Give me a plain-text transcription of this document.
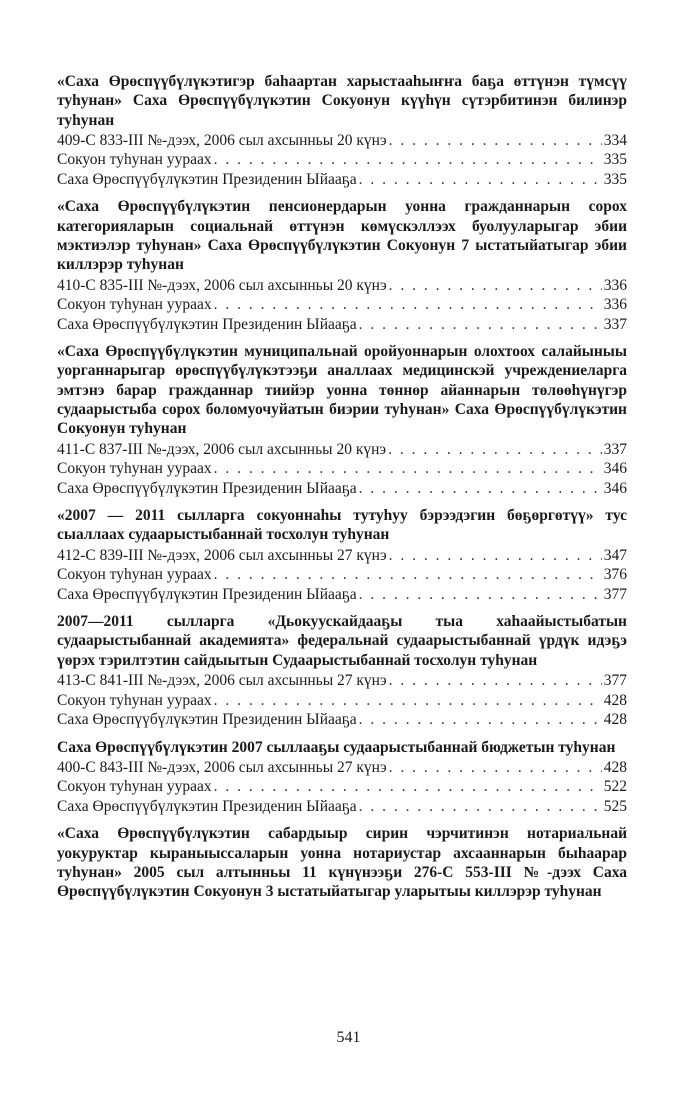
«Саха Өрөспүүбүлүкэтигэр баhаартан харыстааhыҥҥа баҕа өттүнэн түмсүү туhунан» Саха Өрөспүүбүлүкэтин Сокуонун күүhүн сүтэрбитинэн билинэр туhунан
409-С 833-III №-дээх, 2006 сыл ахсынньы 20 күнэ . . .	334
Сокуон туhунан уураах . . .	335
Саха Өрөспүүбүлүкэтин Президенин Ыйааҕа . . .	335
«Саха Өрөспүүбүлүкэтин пенсионердарын уонна гражданнарын сорох категорияларын социальнай өттүнэн көмүскэллээх буолууларыгар эбии мэктиэлэр туhунан» Саха Өрөспүүбүлүкэтин Сокуонун 7 ыстатыйатыгар эбии киллэрэр туhунан
410-С 835-III №-дээх, 2006 сыл ахсынньы 20 күнэ . . .	336
Сокуон туhунан уураах . . .	336
Саха Өрөспүүбүлүкэтин Президенин Ыйааҕа . . .	337
«Саха Өрөспүүбүлүкэтин муниципальнай оройуоннарын олохтоох салайыныы уорганнарыгар өрөспүүбүлүкэтээҕи аналлаах медицинскэй учреждениеларга эмтэнэ барар гражданнар тиийэр уонна төннөр айаннарын төлөөhүнүгэр судаарыстыба сорох боломуочуйатын биэрии туhунан» Саха Өрөспүүбүлүкэтин Сокуонун туhунан
411-С 837-III №-дээх, 2006 сыл ахсынньы 20 күнэ . . .	337
Сокуон туhунан уураах . . .	346
Саха Өрөспүүбүлүкэтин Президенин Ыйааҕа . . .	346
«2007 — 2011 сылларга сокуоннаhы тутуhуу бэрээдэгин бөҕөргөтүү» тус сыаллаах судаарыстыбаннай тосхолун туhунан
412-С 839-III №-дээх, 2006 сыл ахсынньы 27 күнэ . . .	347
Сокуон туhунан уураах . . .	376
Саха Өрөспүүбүлүкэтин Президенин Ыйааҕа . . .	377
2007—2011 сылларга «Дьокуускайдааҕы тыа хаhаайыстыбатын судаарыстыбаннай академията» федеральнай судаарыстыбаннай үрдүк идэҕэ үөрэх тэрилтэтин сайдыытын Судаарыстыбаннай тосхолун туhунан
413-С 841-III №-дээх, 2006 сыл ахсынньы 27 күнэ . . .	377
Сокуон туhунан уураах . . .	428
Саха Өрөспүүбүлүкэтин Президенин Ыйааҕа . . .	428
Саха Өрөспүүбүлүкэтин 2007 сыллааҕы судаарыстыбаннай бюджетын туhунан
400-С 843-III №-дээх, 2006 сыл ахсынньы 27 күнэ . . .	428
Сокуон туhунан уураах . . .	522
Саха Өрөспүүбүлүкэтин Президенин Ыйааҕа . . .	525
«Саха Өрөспүүбүлүкэтин сабардыыр сирин чэрчитинэн нотариальнай уокуруктар кыраныыссаларын уонна нотариустар ахсааннарын быhаарар туhунан» 2005 сыл алтынньы 11 күнүнээҕи 276-С 553-III №-дээх Саха Өрөспүүбүлүкэтин Сокуонун 3 ыстатыйатыгар уларытыы киллэрэр туhунан
541
